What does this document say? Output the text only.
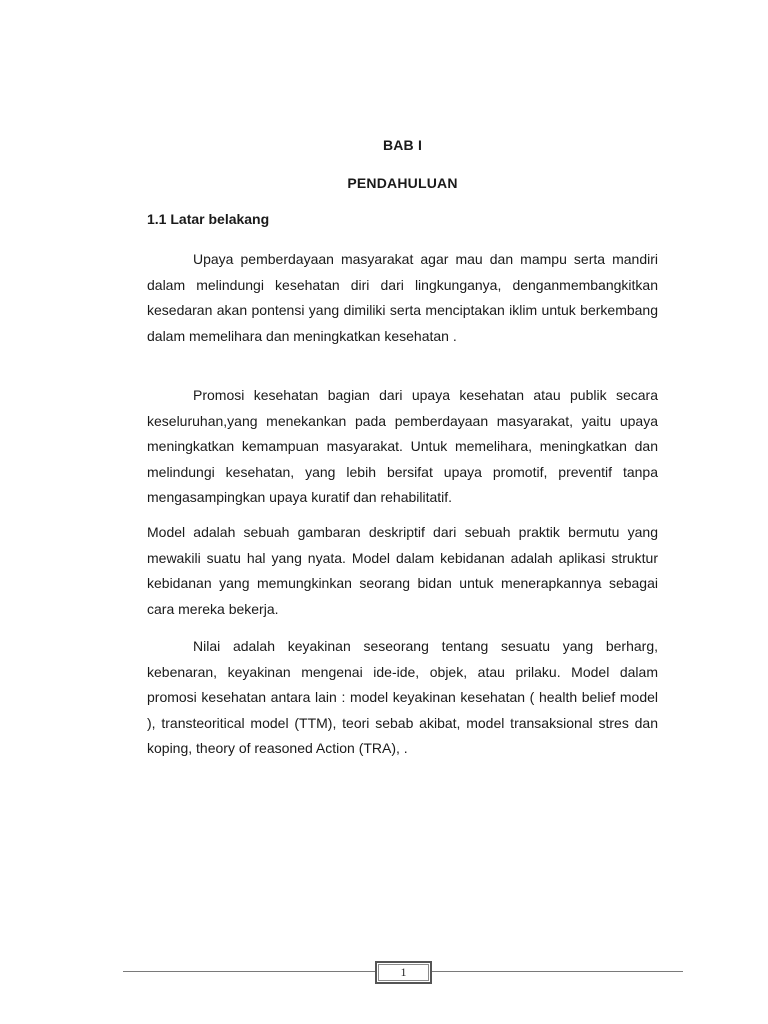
BAB I
PENDAHULUAN
1.1 Latar belakang

Upaya pemberdayaan masyarakat agar mau dan mampu serta mandiri dalam melindungi kesehatan diri dari lingkunganya, denganmembangkitkan kesedaran akan pontensi yang dimiliki serta menciptakan iklim untuk berkembang dalam memelihara dan meningkatkan kesehatan .

Promosi kesehatan bagian dari upaya kesehatan atau publik secara keseluruhan,yang menekankan pada pemberdayaan masyarakat, yaitu upaya meningkatkan kemampuan masyarakat. Untuk memelihara, meningkatkan dan melindungi kesehatan, yang lebih bersifat upaya promotif, preventif tanpa mengasampingkan upaya kuratif dan rehabilitatif.

Model adalah sebuah gambaran deskriptif dari sebuah praktik bermutu yang mewakili suatu hal yang nyata. Model dalam kebidanan adalah aplikasi struktur kebidanan yang memungkinkan seorang bidan untuk menerapkannya sebagai cara mereka bekerja.

Nilai adalah keyakinan seseorang tentang sesuatu yang berharg, kebenaran, keyakinan mengenai ide-ide, objek, atau prilaku. Model dalam promosi kesehatan antara lain : model keyakinan kesehatan ( health belief model ), transteoritical model (TTM), teori sebab akibat, model transaksional stres dan koping, theory of reasoned Action (TRA), .

1
